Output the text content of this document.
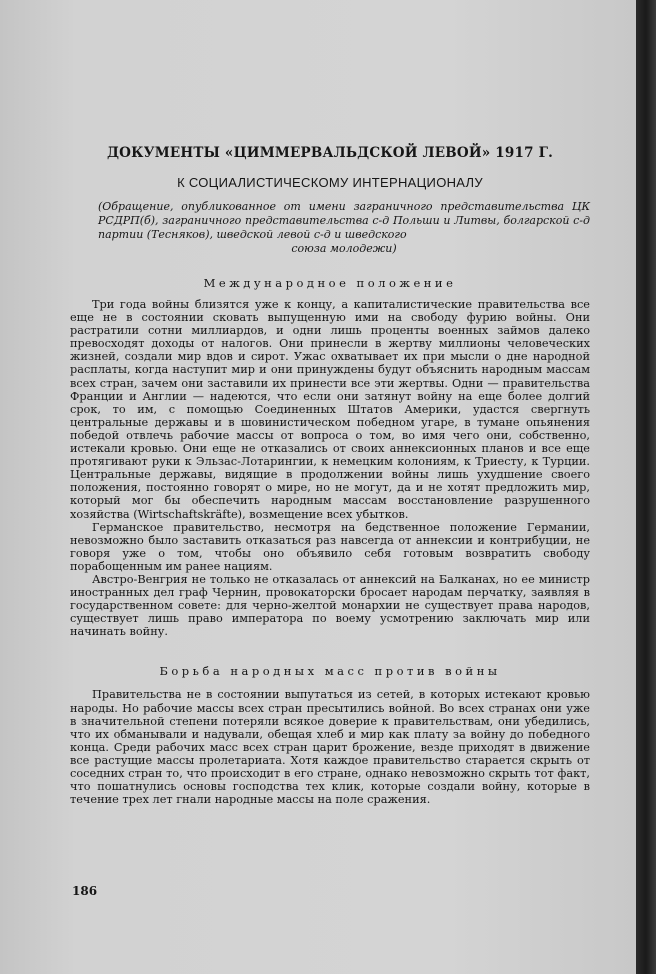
ДОКУМЕНТЫ «ЦИММЕРВАЛЬДСКОЙ ЛЕВОЙ» 1917 Г.
К СОЦИАЛИСТИЧЕСКОМУ ИНТЕРНАЦИОНАЛУ
(Обращение, опубликованное от имени заграничного представительства ЦК РСДРП(б), заграничного представительства с-д Польши и Литвы, болгарской с-д партии (Тесняков), шведской левой с-д и шведского
союза молодежи)
Международное положение

Три года войны близятся уже к концу, а капиталистические правительства все еще не в состоянии сковать выпущенную ими на свободу фурию войны. Они растратили сотни миллиардов, и одни лишь проценты военных займов далеко превосходят доходы от налогов. Они принесли в жертву миллионы человеческих жизней, создали мир вдов и сирот. Ужас охватывает их при мысли о дне народной расплаты, когда наступит мир и они принуждены будут объяснить народным массам всех стран, зачем они заставили их принести все эти жертвы. Одни — правительства Франции и Англии — надеются, что если они затянут войну на еще более долгий срок, то им, с помощью Соединенных Штатов Америки, удастся свергнуть центральные державы и в шовинистическом победном угаре, в тумане опьянения победой отвлечь рабочие массы от вопроса о том, во имя чего они, собственно, истекали кровью. Они еще не отказались от своих аннексионных планов и все еще протягивают руки к Эльзас-Лотарингии, к немецким колониям, к Триесту, к Турции. Центральные державы, видящие в продолжении войны лишь ухудшение своего положения, постоянно говорят о мире, но не могут, да и не хотят предложить мир, который мог бы обеспечить народным массам восстановление разрушенного хозяйства (Wirtschaftskräfte), возмещение всех убытков.

Германское правительство, несмотря на бедственное положение Германии, невозможно было заставить отказаться раз навсегда от аннексии и контрибуции, не говоря уже о том, чтобы оно объявило себя готовым возвратить свободу порабощенным им ранее нациям.

Австро-Венгрия не только не отказалась от аннексий на Балканах, но ее министр иностранных дел граф Чернин, провокаторски бросает народам перчатку, заявляя в государственном совете: для черно-желтой монархии не существует права народов, существует лишь право императора по воему усмотрению заключать мир или начинать войну.

Борьба народных масс против войны

Правительства не в состоянии выпутаться из сетей, в которых истекают кровью народы. Но рабочие массы всех стран пресытились войной. Во всех странах они уже в значительной степени потеряли всякое доверие к правительствам, они убедились, что их обманывали и надували, обещая хлеб и мир как плату за войну до победного конца. Среди рабочих масс всех стран царит брожение, везде приходят в движение все растущие массы пролетариата. Хотя каждое правительство старается скрыть от соседних стран то, что происходит в его стране, однако невозможно скрыть тот факт, что пошатнулись основы господства тех клик, которые создали войну, которые в течение трех лет гнали народные массы на поле сражения.

186
